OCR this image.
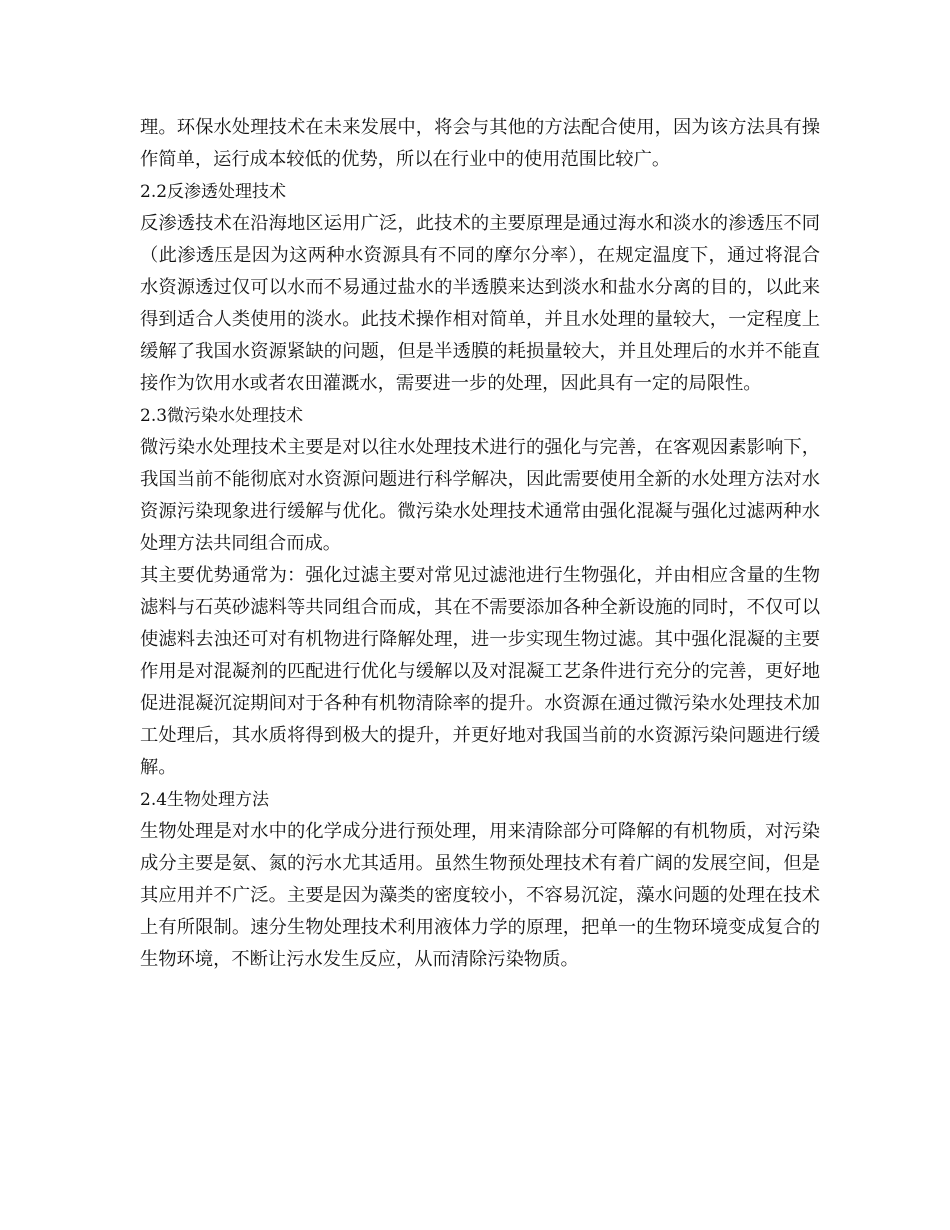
理。环保水处理技术在未来发展中，将会与其他的方法配合使用，因为该方法具有操作简单，运行成本较低的优势，所以在行业中的使用范围比较广。

2.2反渗透处理技术

反渗透技术在沿海地区运用广泛，此技术的主要原理是通过海水和淡水的渗透压不同（此渗透压是因为这两种水资源具有不同的摩尔分率），在规定温度下，通过将混合水资源透过仅可以水而不易通过盐水的半透膜来达到淡水和盐水分离的目的，以此来得到适合人类使用的淡水。此技术操作相对简单，并且水处理的量较大，一定程度上缓解了我国水资源紧缺的问题，但是半透膜的耗损量较大，并且处理后的水并不能直接作为饮用水或者农田灌溉水，需要进一步的处理，因此具有一定的局限性。

2.3微污染水处理技术

微污染水处理技术主要是对以往水处理技术进行的强化与完善，在客观因素影响下，我国当前不能彻底对水资源问题进行科学解决，因此需要使用全新的水处理方法对水资源污染现象进行缓解与优化。微污染水处理技术通常由强化混凝与强化过滤两种水处理方法共同组合而成。

其主要优势通常为：强化过滤主要对常见过滤池进行生物强化，并由相应含量的生物滤料与石英砂滤料等共同组合而成，其在不需要添加各种全新设施的同时，不仅可以使滤料去浊还可对有机物进行降解处理，进一步实现生物过滤。其中强化混凝的主要作用是对混凝剂的匹配进行优化与缓解以及对混凝工艺条件进行充分的完善，更好地促进混凝沉淀期间对于各种有机物清除率的提升。水资源在通过微污染水处理技术加工处理后，其水质将得到极大的提升，并更好地对我国当前的水资源污染问题进行缓解。

2.4生物处理方法

生物处理是对水中的化学成分进行预处理，用来清除部分可降解的有机物质，对污染成分主要是氨、氮的污水尤其适用。虽然生物预处理技术有着广阔的发展空间，但是其应用并不广泛。主要是因为藻类的密度较小，不容易沉淀，藻水问题的处理在技术上有所限制。速分生物处理技术利用液体力学的原理，把单一的生物环境变成复合的生物环境，不断让污水发生反应，从而清除污染物质。
